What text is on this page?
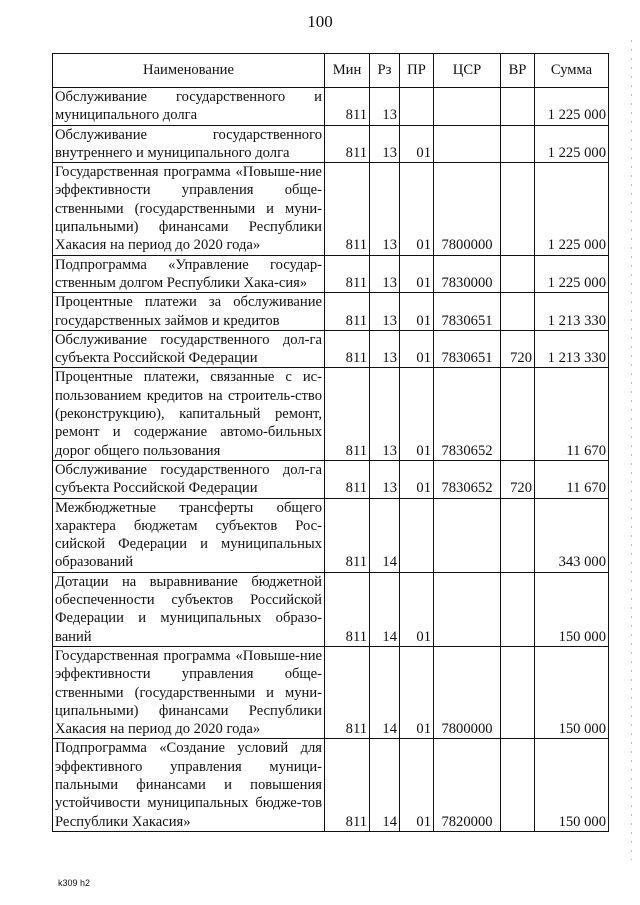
100
Наименование	Мин	Рз	ПР	ЦСР	ВР	Сумма
Обслуживание государственного и муниципального долга	811	13				1 225 000
Обслуживание государственного внутреннего и муниципального долга	811	13	01			1 225 000
Государственная программа «Повыше-ние эффективности управления обще-ственными (государственными и муни-ципальными) финансами Республики Хакасия на период до 2020 года»	811	13	01	7800000		1 225 000
Подпрограмма «Управление государ-ственным долгом Республики Хака-сия»	811	13	01	7830000		1 225 000
Процентные платежи за обслуживание государственных займов и кредитов	811	13	01	7830651		1 213 330
Обслуживание государственного дол-га субъекта Российской Федерации	811	13	01	7830651	720	1 213 330
Процентные платежи, связанные с ис-пользованием кредитов на строитель-ство (реконструкцию), капитальный ремонт, ремонт и содержание автомо-бильных дорог общего пользования	811	13	01	7830652		11 670
Обслуживание государственного дол-га субъекта Российской Федерации	811	13	01	7830652	720	11 670
Межбюджетные трансферты общего характера бюджетам субъектов Рос-сийской Федерации и муниципальных образований	811	14				343 000
Дотации на выравнивание бюджетной обеспеченности субъектов Российской Федерации и муниципальных образо-ваний	811	14	01			150 000
Государственная программа «Повыше-ние эффективности управления обще-ственными (государственными и муни-ципальными) финансами Республики Хакасия на период до 2020 года»	811	14	01	7800000		150 000
Подпрограмма «Создание условий для эффективного управления муници-пальными финансами и повышения устойчивости муниципальных бюдже-тов Республики Хакасия»	811	14	01	7820000		150 000
k309 h2
